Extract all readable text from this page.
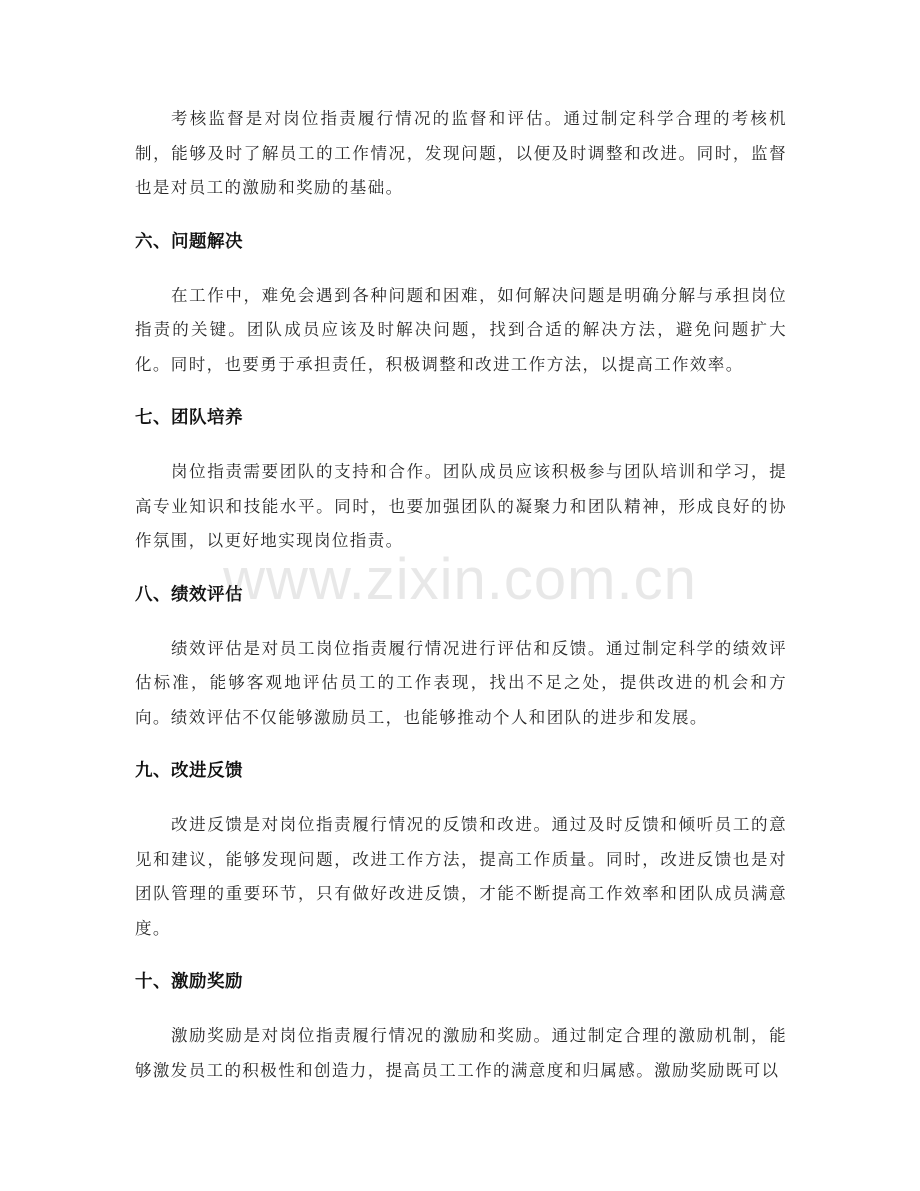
考核监督是对岗位指责履行情况的监督和评估。通过制定科学合理的考核机制，能够及时了解员工的工作情况，发现问题，以便及时调整和改进。同时，监督也是对员工的激励和奖励的基础。

六、问题解决

在工作中，难免会遇到各种问题和困难，如何解决问题是明确分解与承担岗位指责的关键。团队成员应该及时解决问题，找到合适的解决方法，避免问题扩大化。同时，也要勇于承担责任，积极调整和改进工作方法，以提高工作效率。

七、团队培养

岗位指责需要团队的支持和合作。团队成员应该积极参与团队培训和学习，提高专业知识和技能水平。同时，也要加强团队的凝聚力和团队精神，形成良好的协作氛围，以更好地实现岗位指责。

八、绩效评估

绩效评估是对员工岗位指责履行情况进行评估和反馈。通过制定科学的绩效评估标准，能够客观地评估员工的工作表现，找出不足之处，提供改进的机会和方向。绩效评估不仅能够激励员工，也能够推动个人和团队的进步和发展。

九、改进反馈

改进反馈是对岗位指责履行情况的反馈和改进。通过及时反馈和倾听员工的意见和建议，能够发现问题，改进工作方法，提高工作质量。同时，改进反馈也是对团队管理的重要环节，只有做好改进反馈，才能不断提高工作效率和团队成员满意度。

十、激励奖励

激励奖励是对岗位指责履行情况的激励和奖励。通过制定合理的激励机制，能够激发员工的积极性和创造力，提高员工工作的满意度和归属感。激励奖励既可以

www.zixin.com.cn
